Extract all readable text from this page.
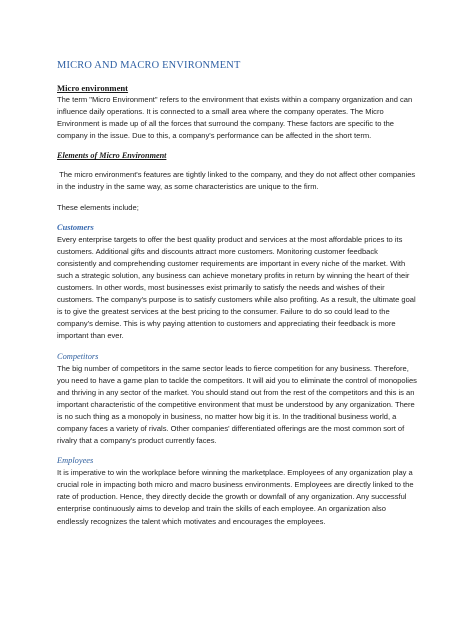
MICRO AND MACRO ENVIRONMENT
Micro environment

The term "Micro Environment" refers to the environment that exists within a company organization and can influence daily operations. It is connected to a small area where the company operates. The Micro Environment is made up of all the forces that surround the company. These factors are specific to the company in the issue. Due to this, a company's performance can be affected in the short term.

Elements of Micro Environment

The micro environment's features are tightly linked to the company, and they do not affect other companies in the industry in the same way, as some characteristics are unique to the firm.

These elements include;

Customers

Every enterprise targets to offer the best quality product and services at the most affordable prices to its customers. Additional gifts and discounts attract more customers. Monitoring customer feedback consistently and comprehending customer requirements are important in every niche of the market. With such a strategic solution, any business can achieve monetary profits in return by winning the heart of their customers. In other words, most businesses exist primarily to satisfy the needs and wishes of their customers. The company's purpose is to satisfy customers while also profiting. As a result, the ultimate goal is to give the greatest services at the best pricing to the consumer. Failure to do so could lead to the company's demise. This is why paying attention to customers and appreciating their feedback is more important than ever.

Competitors

The big number of competitors in the same sector leads to fierce competition for any business. Therefore, you need to have a game plan to tackle the competitors. It will aid you to eliminate the control of monopolies and thriving in any sector of the market. You should stand out from the rest of the competitors and this is an important characteristic of the competitive environment that must be understood by any organization. There is no such thing as a monopoly in business, no matter how big it is. In the traditional business world, a company faces a variety of rivals. Other companies' differentiated offerings are the most common sort of rivalry that a company's product currently faces.

Employees

It is imperative to win the workplace before winning the marketplace. Employees of any organization play a crucial role in impacting both micro and macro business environments. Employees are directly linked to the rate of production. Hence, they directly decide the growth or downfall of any organization. Any successful enterprise continuously aims to develop and train the skills of each employee. An organization also endlessly recognizes the talent which motivates and encourages the employees.
